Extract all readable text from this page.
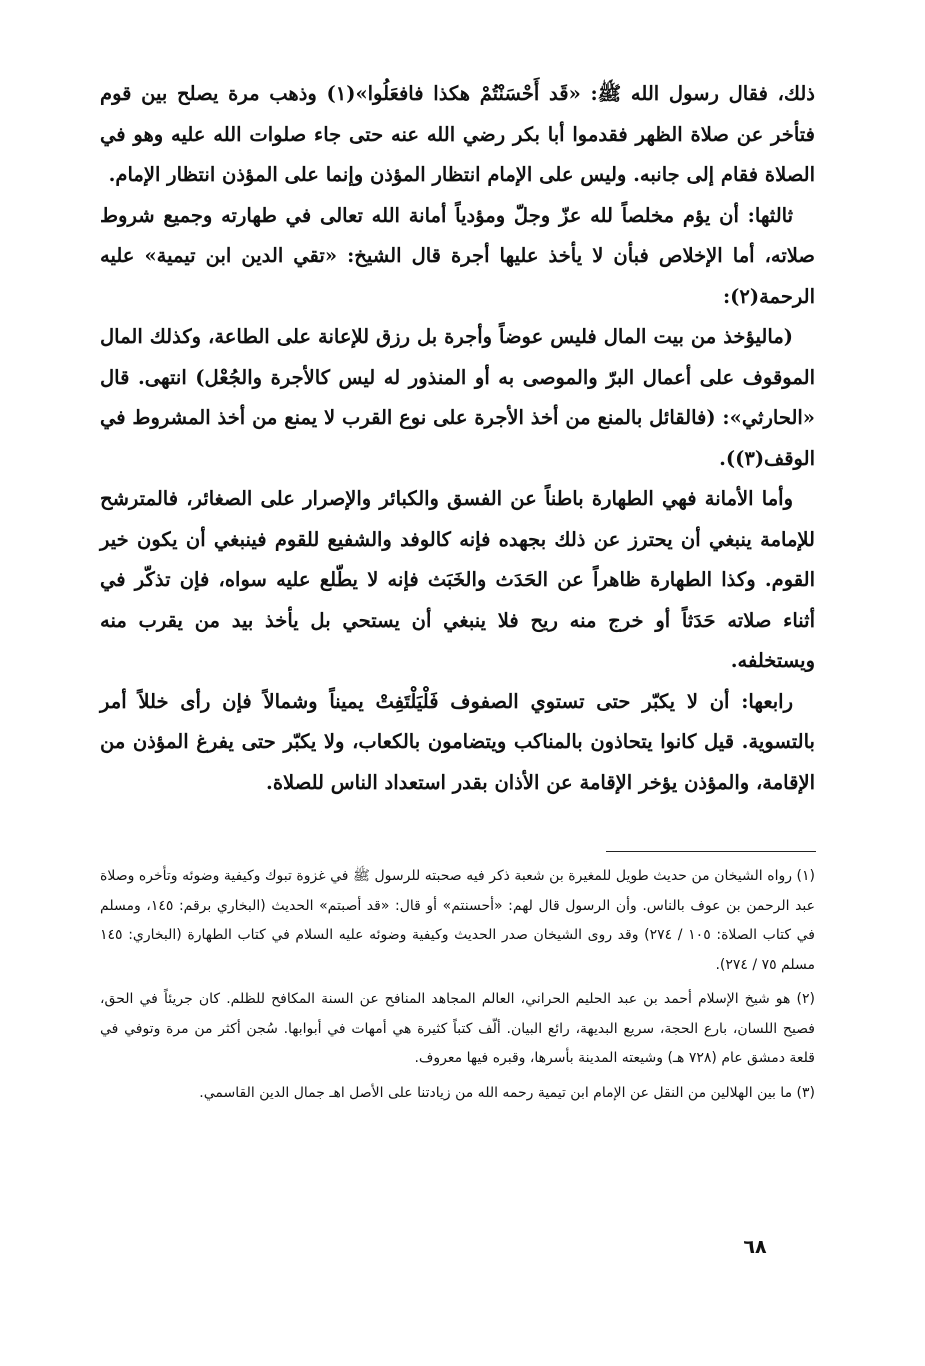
ذلك، فقال رسول الله ﷺ: «قَد أَحْسَنْتُمْ هكذا فافعَلُوا»(١) وذهب مرة يصلح بين قوم فتأخر عن صلاة الظهر فقدموا أبا بكر رضي الله عنه حتى جاء صلوات الله عليه وهو في الصلاة فقام إلى جانبه. وليس على الإمام انتظار المؤذن وإنما على المؤذن انتظار الإمام.

ثالثها: أن يؤم مخلصاً لله عزّ وجلّ ومؤدياً أمانة الله تعالى في طهارته وجميع شروط صلاته، أما الإخلاص فبأن لا يأخذ عليها أجرة قال الشيخ: «تقي الدين ابن تيمية» عليه الرحمة(٢):

(ماليؤخذ من بيت المال فليس عوضاً وأجرة بل رزق للإعانة على الطاعة، وكذلك المال الموقوف على أعمال البرّ والموصى به أو المنذور له ليس كالأجرة والجُعْل) انتهى. قال «الحارثي»: (فالقائل بالمنع من أخذ الأجرة على نوع القرب لا يمنع من أخذ المشروط في الوقف(٣)).

وأما الأمانة فهي الطهارة باطناً عن الفسق والكبائر والإصرار على الصغائر، فالمترشح للإمامة ينبغي أن يحترز عن ذلك بجهده فإنه كالوفد والشفيع للقوم فينبغي أن يكون خير القوم. وكذا الطهارة ظاهراً عن الحَدَث والخَبَث فإنه لا يطّلع عليه سواه، فإن تذكّر في أثناء صلاته حَدَثاً أو خرج منه ريح فلا ينبغي أن يستحي بل يأخذ بيد من يقرب منه ويستخلفه.

رابعها: أن لا يكبّر حتى تستوي الصفوف فَلْيَلْتَفِتْ يميناً وشمالاً فإن رأى خللاً أمر بالتسوية. قيل كانوا يتحاذون بالمناكب ويتضامون بالكعاب، ولا يكبّر حتى يفرغ المؤذن من الإقامة، والمؤذن يؤخر الإقامة عن الأذان بقدر استعداد الناس للصلاة.

(١) رواه الشيخان من حديث طويل للمغيرة بن شعبة ذكر فيه صحبته للرسول ﷺ في غزوة تبوك وكيفية وضوئه وتأخره وصلاة عبد الرحمن بن عوف بالناس. وأن الرسول قال لهم: «أحسنتم» أو قال: «قد أصبتم» الحديث (البخاري برقم: ١٤٥، ومسلم في كتاب الصلاة: ١٠٥ / ٢٧٤) وقد روى الشيخان صدر الحديث وكيفية وضوئه عليه السلام في كتاب الطهارة (البخاري: ١٤٥ مسلم ٧٥ / ٢٧٤).

(٢) هو شيخ الإسلام أحمد بن عبد الحليم الحراني، العالم المجاهد المنافح عن السنة المكافح للظلم. كان جريئاً في الحق، فصيح اللسان، بارع الحجة، سريع البديهة، رائع البيان. ألّف كتباً كثيرة هي أمهات في أبوابها. سُجن أكثر من مرة وتوفي في قلعة دمشق عام (٧٢٨ هـ) وشيعته المدينة بأسرها، وقبره فيها معروف.

(٣) ما بين الهلالين من النقل عن الإمام ابن تيمية رحمه الله من زيادتنا على الأصل اهـ جمال الدين القاسمي.

٦٨
